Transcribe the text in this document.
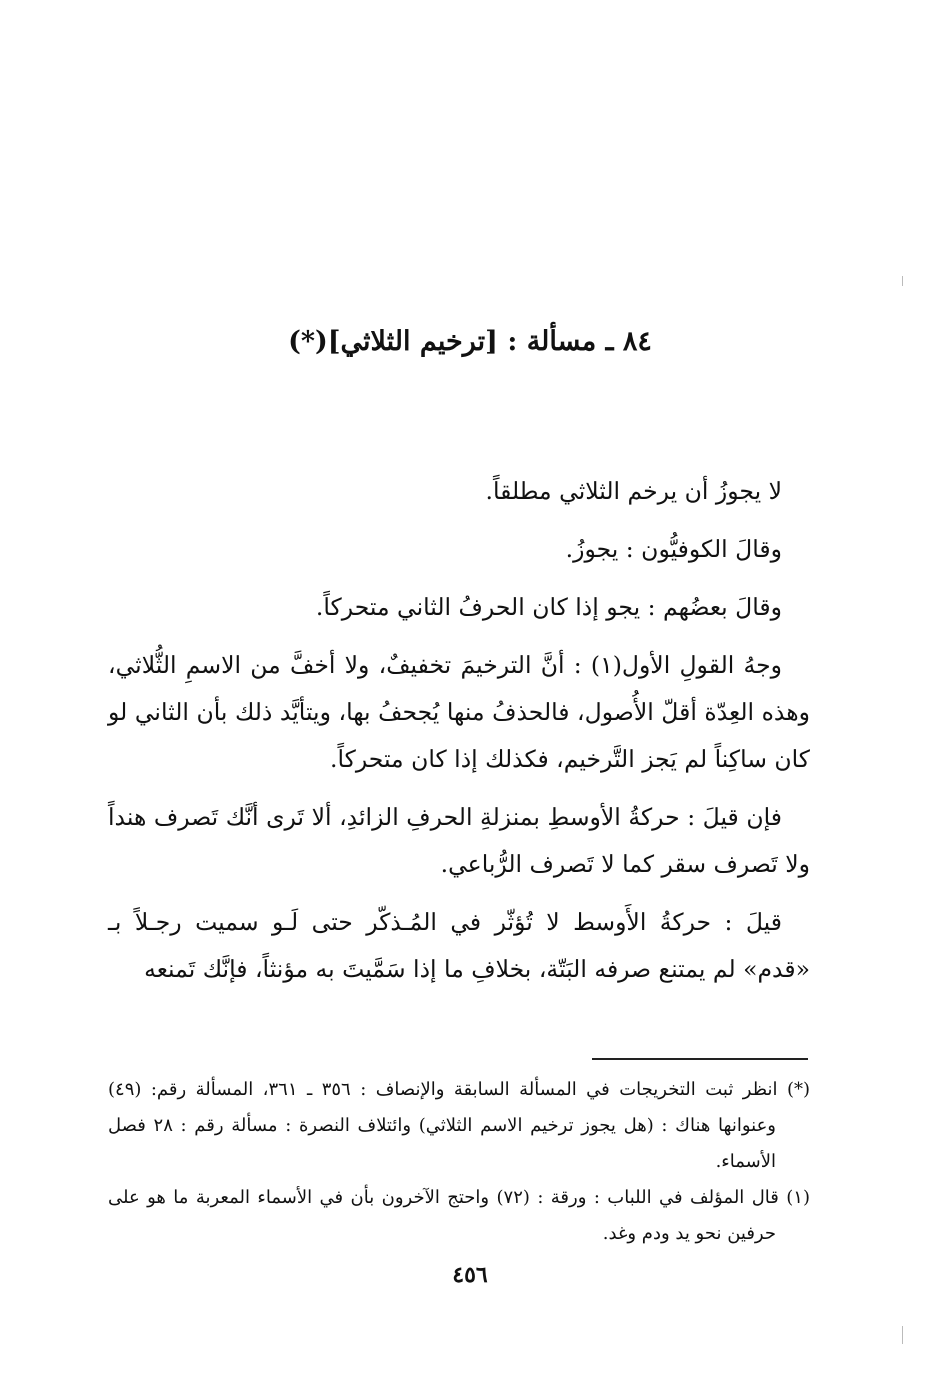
٨٤ ـ مسألة : [ترخيم الثلاثي](*)

لا يجوزُ أن يرخم الثلاثي مطلقاً.

وقالَ الكوفيُّون : يجوزُ.

وقالَ بعضُهم : يجو إذا كان الحرفُ الثاني متحركاً.

وجهُ القولِ الأول(١) : أنَّ الترخيمَ تخفيفٌ، ولا أخفَّ من الاسمِ الثُّلاثي، وهذه العِدّة أقلّ الأُصول، فالحذفُ منها يُجحفُ بها، ويتأيَّد ذلك بأن الثاني لو كان ساكِناً لم يَجز التَّرخيم، فكذلك إذا كان متحركاً.

فإن قيلَ : حركةُ الأوسطِ بمنزلةِ الحرفِ الزائدِ، ألا تَرى أنَّك تَصرف هنداً ولا تَصرف سقر كما لا تَصرف الرُّباعي.

قيلَ : حركةُ الأَوسط لا تُؤثّر في المُـذكّر حتى لَـو سميت رجـلاً بـ «قدم» لم يمتنع صرفه البَتّة، بخلافِ ما إذا سَمَّيتَ به مؤنثاً، فإنَّك تَمنعه

(*) انظر ثبت التخريجات في المسألة السابقة والإنصاف : ٣٥٦ ـ ٣٦١، المسألة رقم: (٤٩) وعنوانها هناك : (هل يجوز ترخيم الاسم الثلاثي) وائتلاف النصرة : مسألة رقم : ٢٨ فصل الأسماء.

(١) قال المؤلف في اللباب : ورقة : (٧٢) واحتج الآخرون بأن في الأسماء المعربة ما هو على حرفين نحو يد ودم وغد.

٤٥٦
